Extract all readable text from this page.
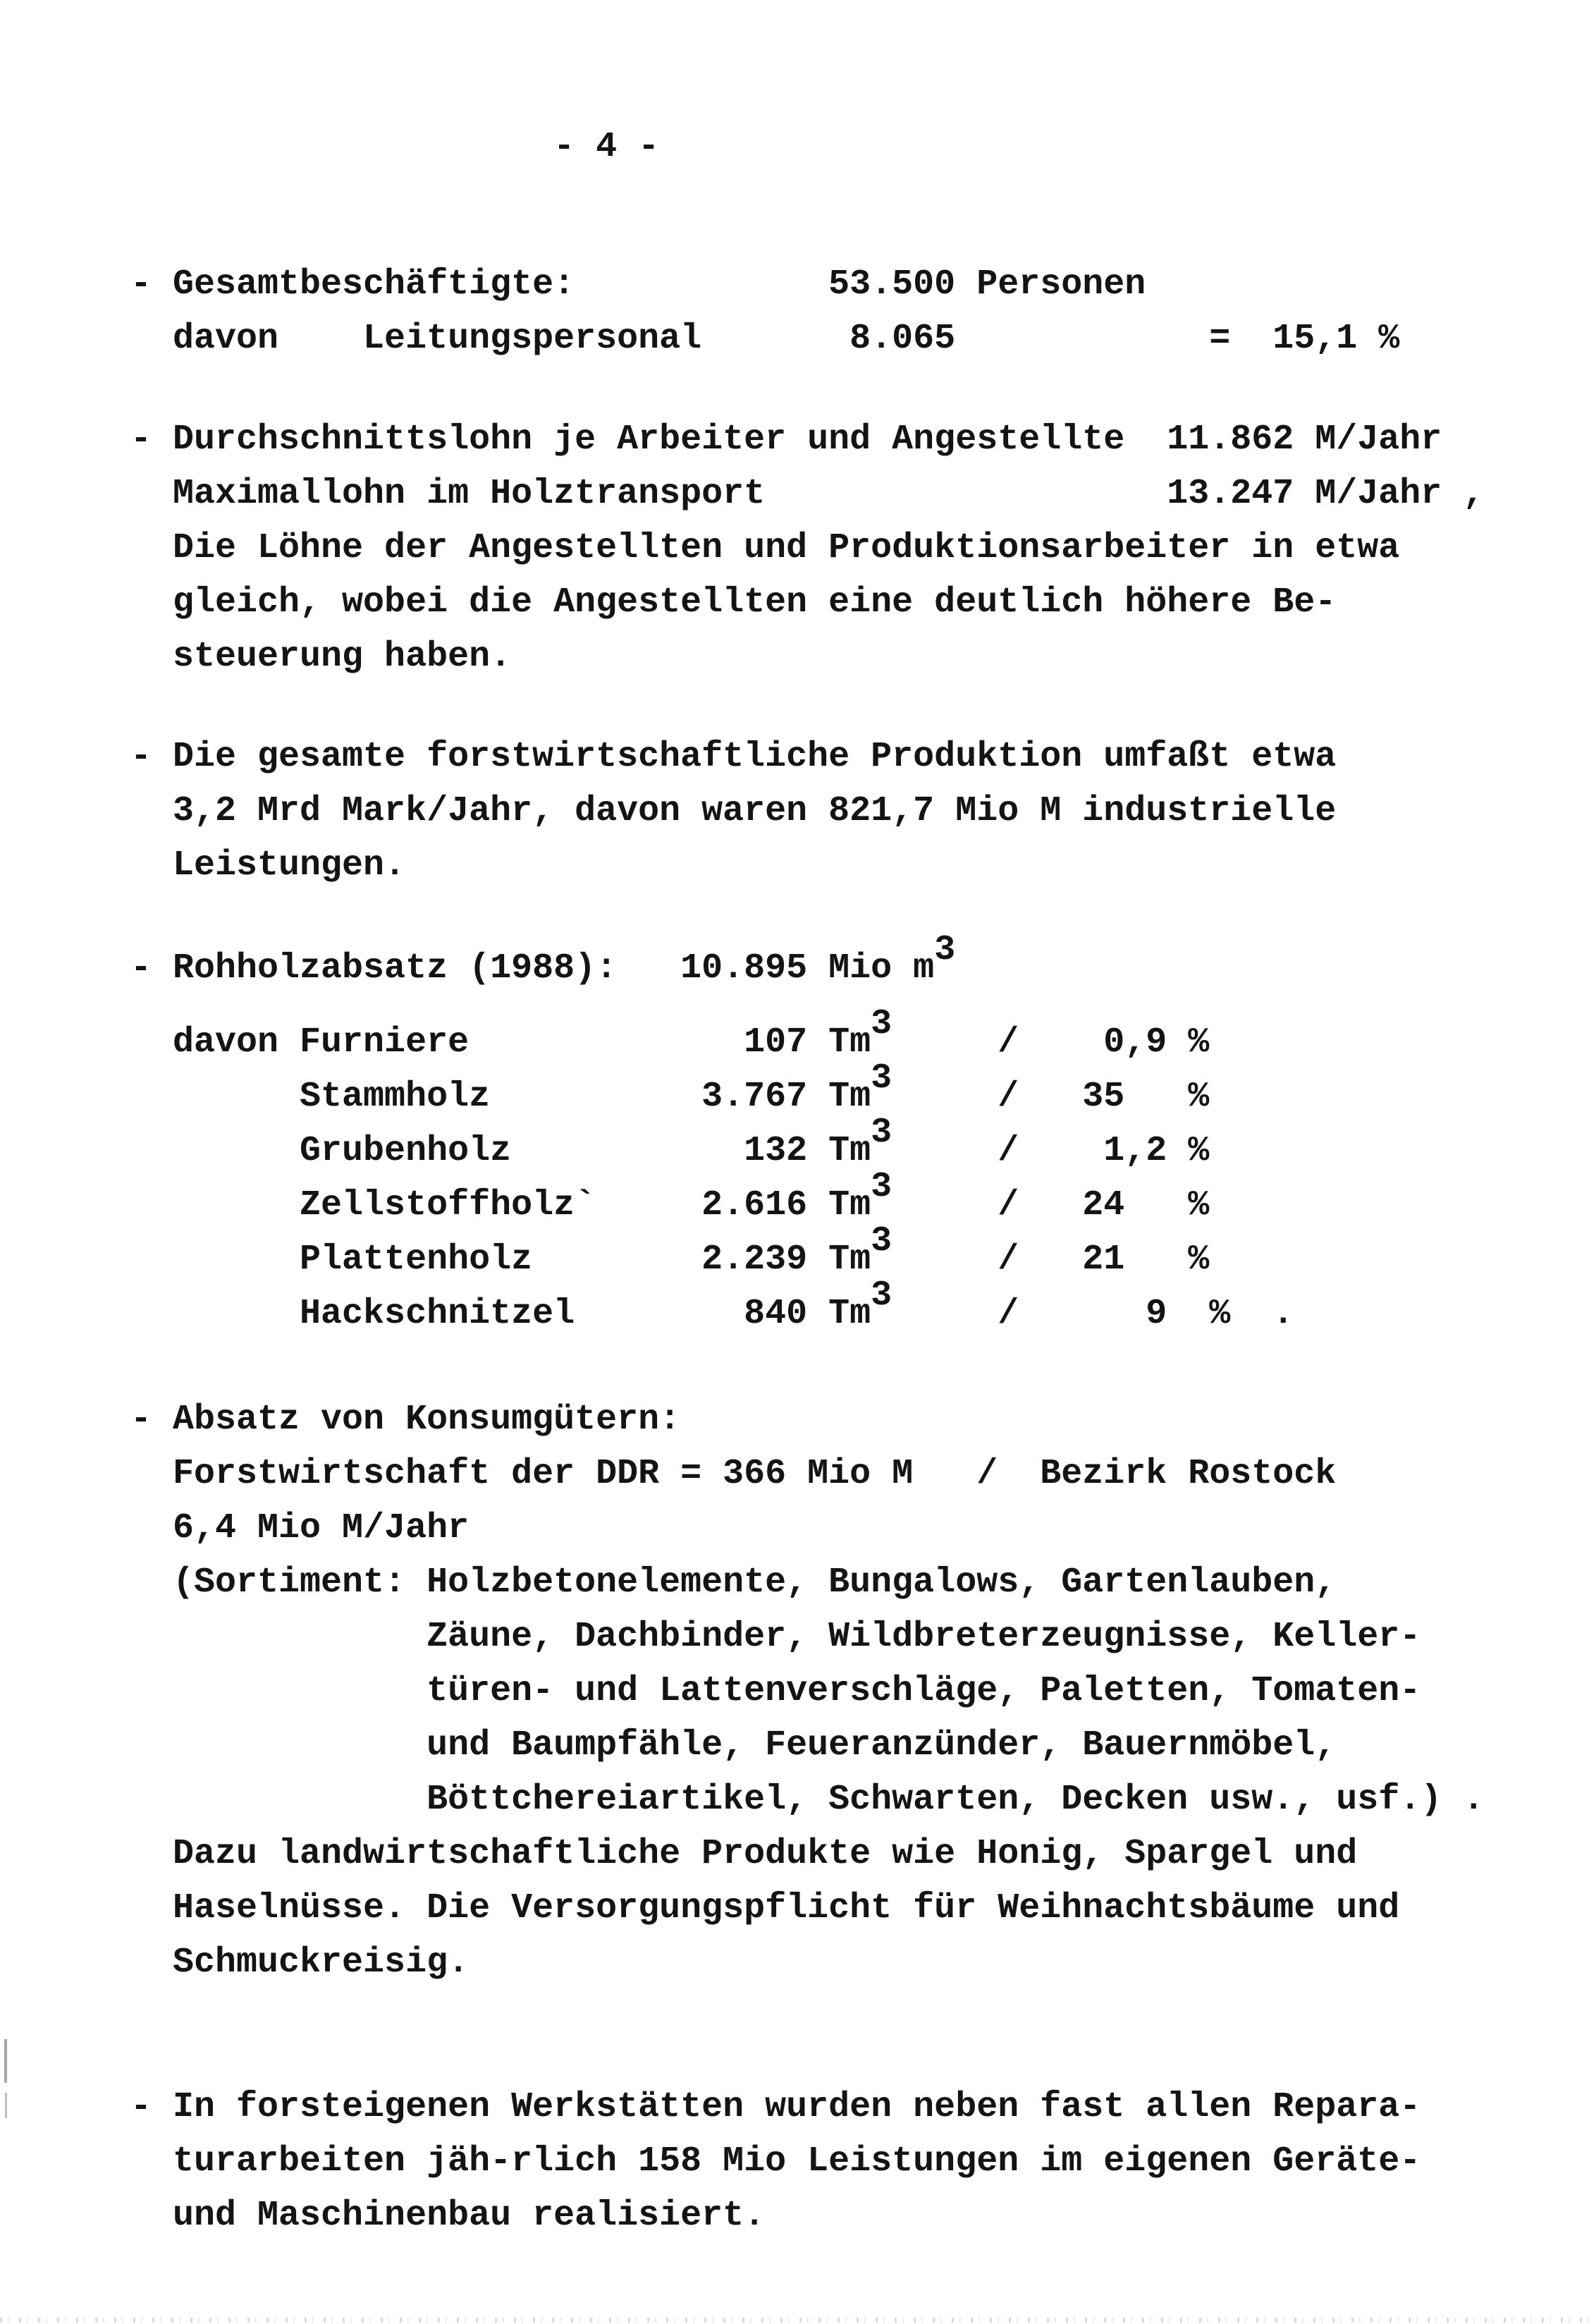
- 4 -
- Gesamtbeschäftigte:            53.500 Personen
davon    Leitungspersonal       8.065            =  15,1 %
- Durchschnittslohn je Arbeiter und Angestellte  11.862 M/Jahr
Maximallohn im Holztransport                   13.247 M/Jahr ,
Die Löhne der Angestellten und Produktionsarbeiter in etwa
gleich, wobei die Angestellten eine deutlich höhere Be-
steuerung haben.
- Die gesamte forstwirtschaftliche Produktion umfaßt etwa
3,2 Mrd Mark/Jahr, davon waren 821,7 Mio M industrielle
Leistungen.
- Rohholzabsatz (1988):   10.895 Mio m3
davon Furniere             107 Tm3     /    0,9 %
Stammholz          3.767 Tm3     /   35   %
Grubenholz           132 Tm3     /    1,2 %
Zellstoffholz`     2.616 Tm3     /   24   %
Plattenholz        2.239 Tm3     /   21   %
Hackschnitzel        840 Tm3     /      9  %  .
- Absatz von Konsumgütern:
Forstwirtschaft der DDR = 366 Mio M   /  Bezirk Rostock
6,4 Mio M/Jahr
(Sortiment: Holzbetonelemente, Bungalows, Gartenlauben,
Zäune, Dachbinder, Wildbreterzeugnisse, Keller-
türen- und Lattenverschläge, Paletten, Tomaten-
und Baumpfähle, Feueranzünder, Bauernmöbel,
Böttchereiartikel, Schwarten, Decken usw., usf.) .
Dazu landwirtschaftliche Produkte wie Honig, Spargel und
Haselnüsse. Die Versorgungspflicht für Weihnachtsbäume und
Schmuckreisig.
- In forsteigenen Werkstätten wurden neben fast allen Repara-
turarbeiten jäh-rlich 158 Mio Leistungen im eigenen Geräte-
und Maschinenbau realisiert.
